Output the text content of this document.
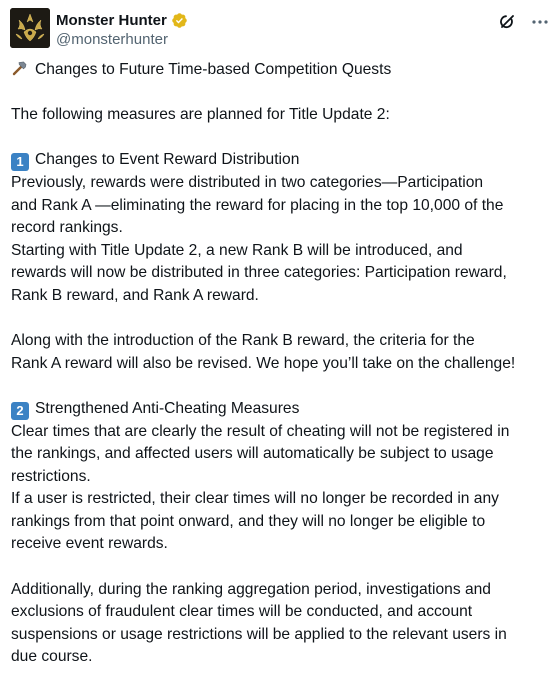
Monster Hunter
@monsterhunter
Changes to Future Time-based Competition Quests
The following measures are planned for Title Update 2:
1 Changes to Event Reward Distribution
Previously, rewards were distributed in two categories—Participation
and Rank A —eliminating the reward for placing in the top 10,000 of the
record rankings.
Starting with Title Update 2, a new Rank B will be introduced, and
rewards will now be distributed in three categories: Participation reward,
Rank B reward, and Rank A reward.
Along with the introduction of the Rank B reward, the criteria for the
Rank A reward will also be revised. We hope you’ll take on the challenge!
2 Strengthened Anti-Cheating Measures
Clear times that are clearly the result of cheating will not be registered in
the rankings, and affected users will automatically be subject to usage
restrictions.
If a user is restricted, their clear times will no longer be recorded in any
rankings from that point onward, and they will no longer be eligible to
receive event rewards.
Additionally, during the ranking aggregation period, investigations and
exclusions of fraudulent clear times will be conducted, and account
suspensions or usage restrictions will be applied to the relevant users in
due course.
